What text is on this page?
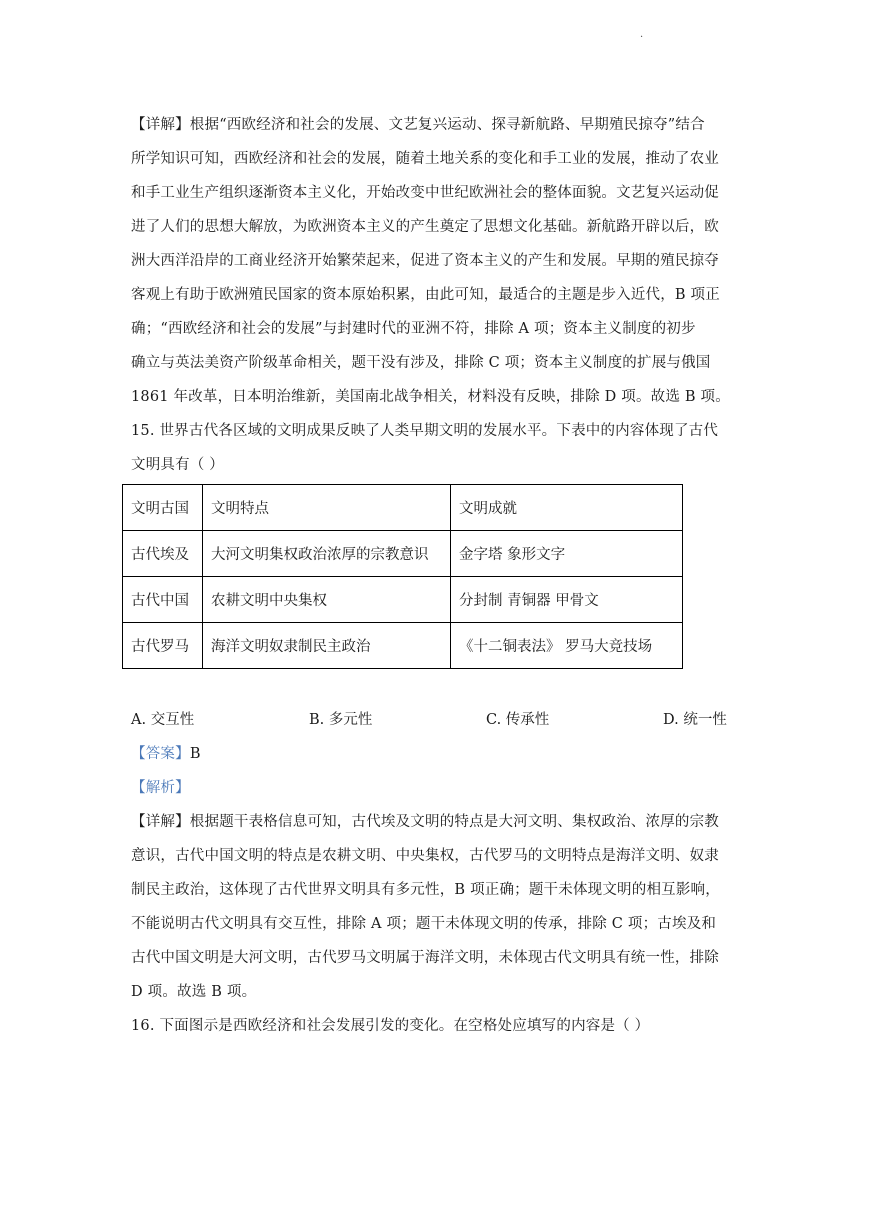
·
【详解】根据“西欧经济和社会的发展、文艺复兴运动、探寻新航路、早期殖民掠夺”结合
所学知识可知，西欧经济和社会的发展，随着土地关系的变化和手工业的发展，推动了农业
和手工业生产组织逐渐资本主义化，开始改变中世纪欧洲社会的整体面貌。文艺复兴运动促
进了人们的思想大解放，为欧洲资本主义的产生奠定了思想文化基础。新航路开辟以后，欧
洲大西洋沿岸的工商业经济开始繁荣起来，促进了资本主义的产生和发展。早期的殖民掠夺
客观上有助于欧洲殖民国家的资本原始积累，由此可知，最适合的主题是步入近代，B 项正
确；“西欧经济和社会的发展”与封建时代的亚洲不符，排除 A 项；资本主义制度的初步
确立与英法美资产阶级革命相关，题干没有涉及，排除 C 项；资本主义制度的扩展与俄国
1861 年改革，日本明治维新，美国南北战争相关，材料没有反映，排除 D 项。故选 B 项。
15. 世界古代各区域的文明成果反映了人类早期文明的发展水平。下表中的内容体现了古代
文明具有（ ）
文明古国	文明特点	文明成就
古代埃及	大河文明集权政治浓厚的宗教意识	金字塔 象形文字
古代中国	农耕文明中央集权	分封制 青铜器 甲骨文
古代罗马	海洋文明奴隶制民主政治	《十二铜表法》 罗马大竞技场
A. 交互性	B. 多元性	C. 传承性	D. 统一性
【答案】B
【解析】
【详解】根据题干表格信息可知，古代埃及文明的特点是大河文明、集权政治、浓厚的宗教
意识，古代中国文明的特点是农耕文明、中央集权，古代罗马的文明特点是海洋文明、奴隶
制民主政治，这体现了古代世界文明具有多元性，B 项正确；题干未体现文明的相互影响，
不能说明古代文明具有交互性，排除 A 项；题干未体现文明的传承，排除 C 项；古埃及和
古代中国文明是大河文明，古代罗马文明属于海洋文明，未体现古代文明具有统一性，排除
D 项。故选 B 项。
16. 下面图示是西欧经济和社会发展引发的变化。在空格处应填写的内容是（ ）
